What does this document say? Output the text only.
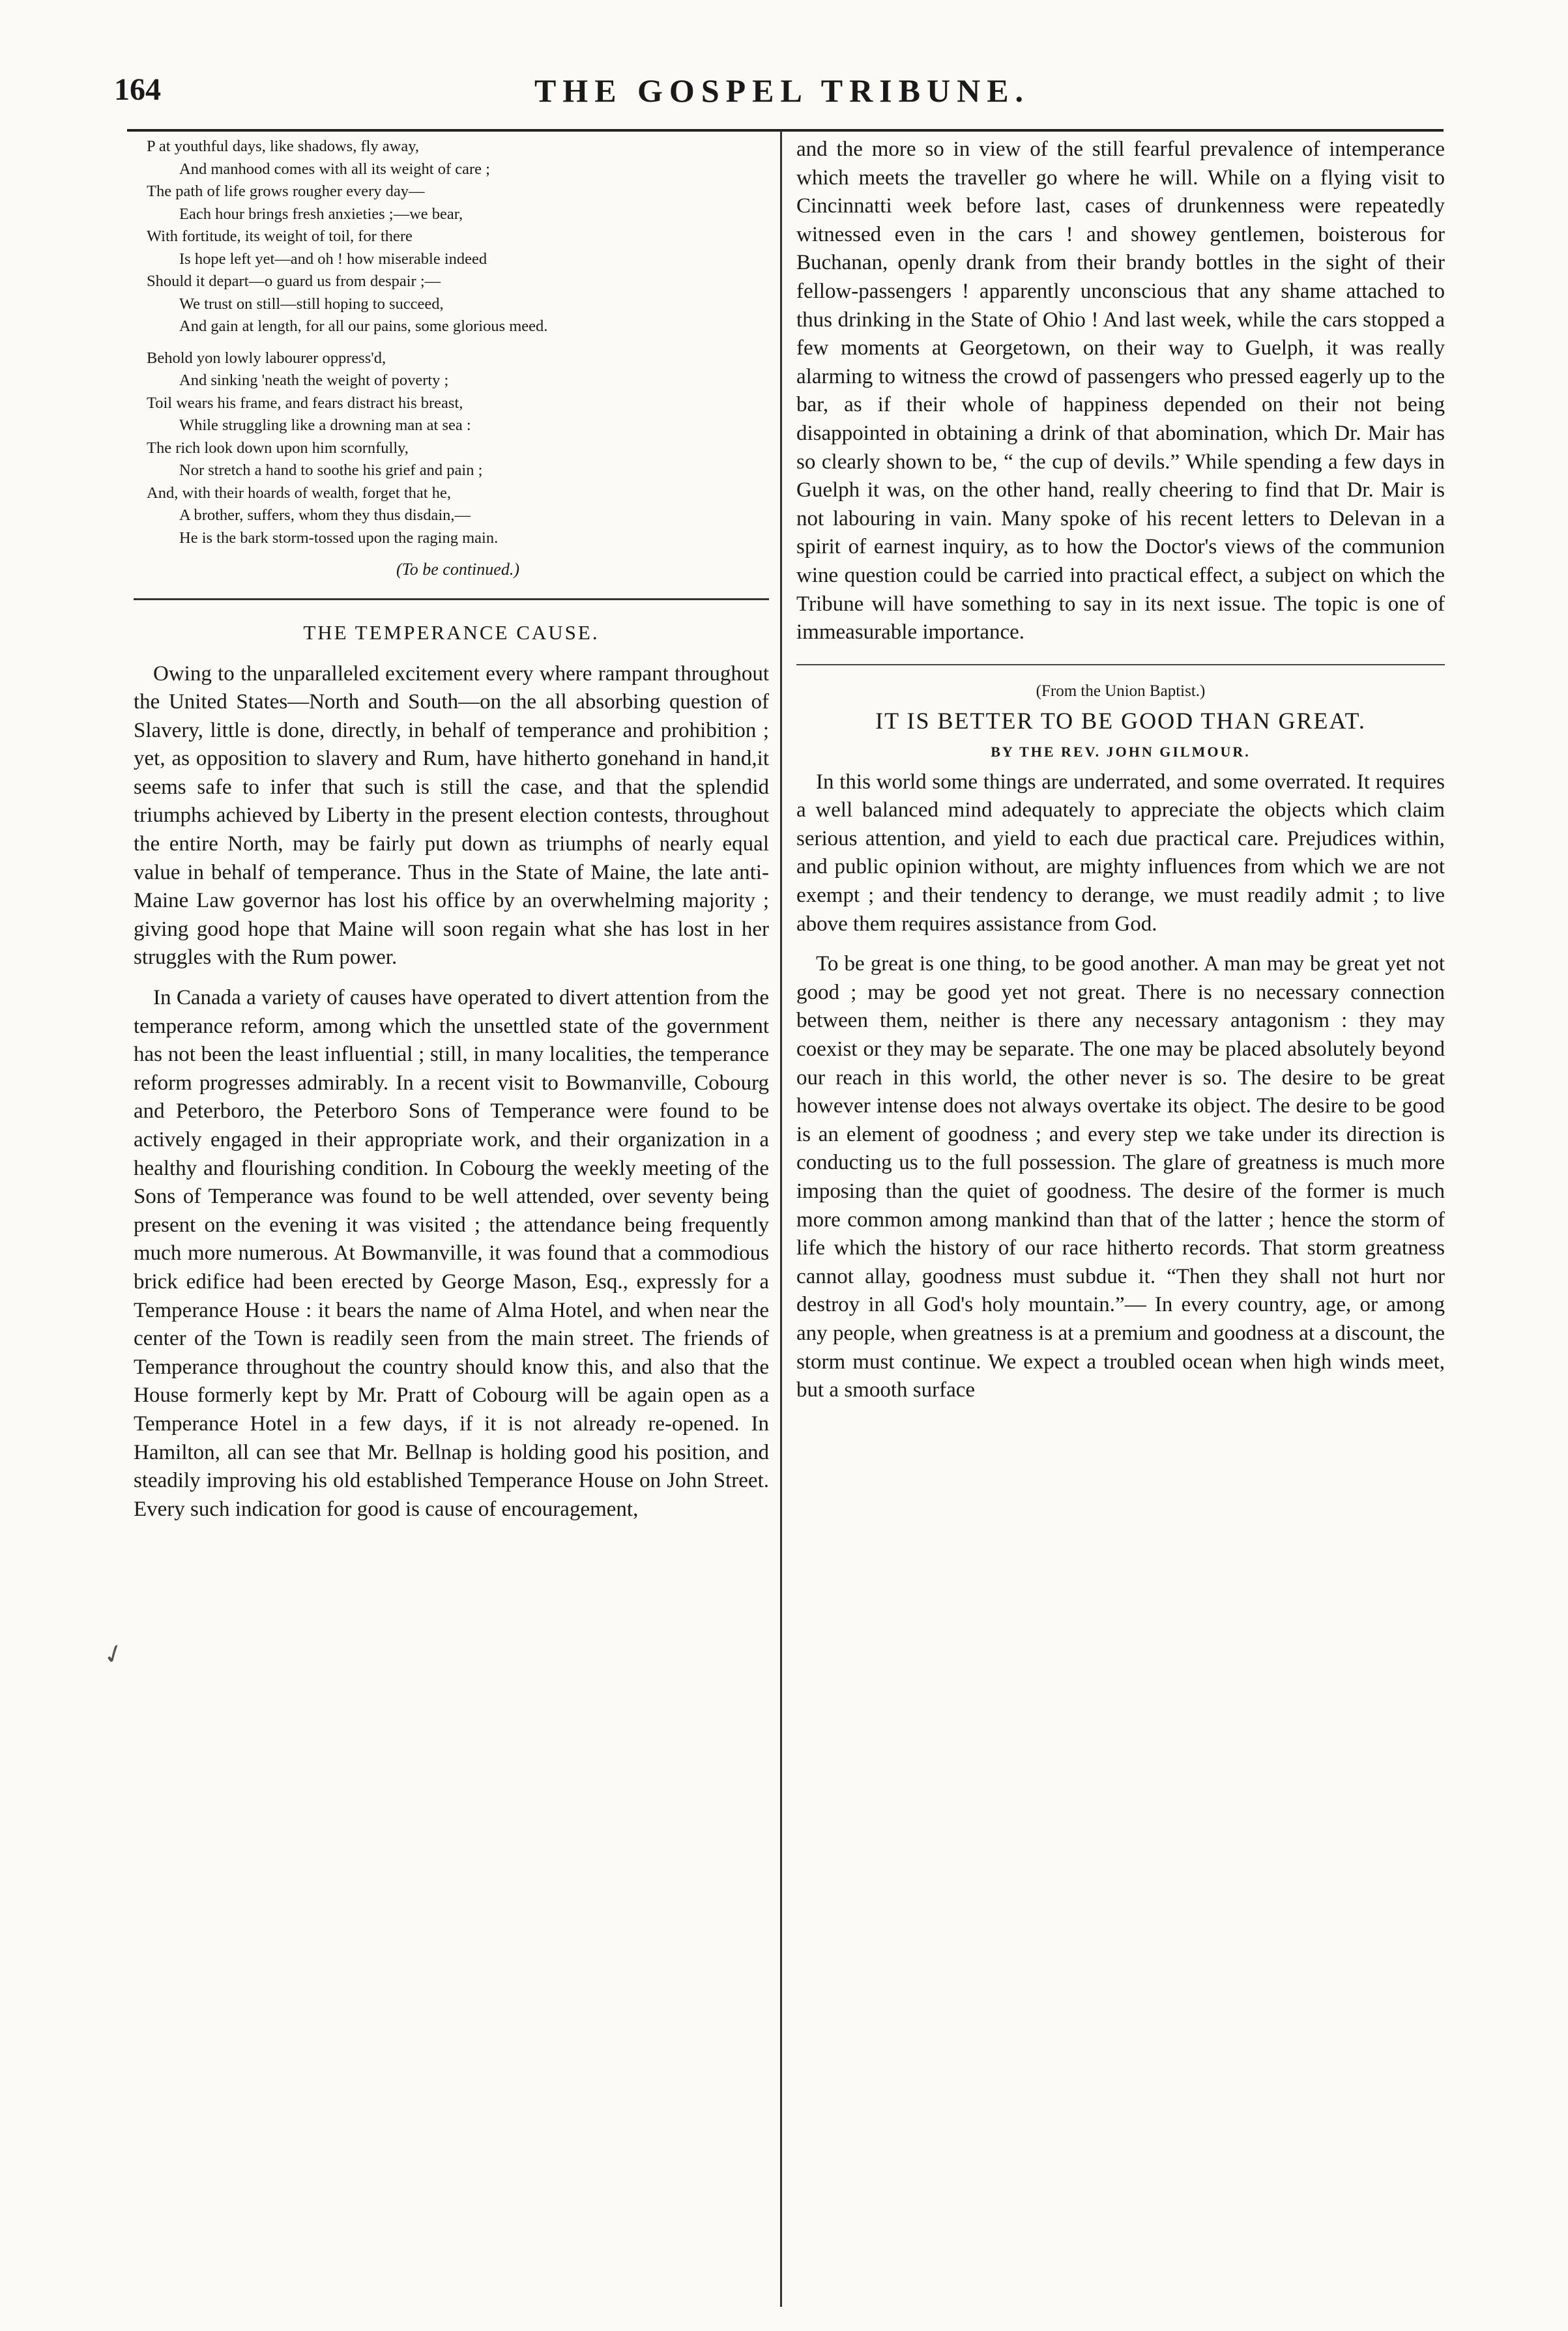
164	THE GOSPEL TRIBUNE.
✓
P at youthful days, like shadows, fly away,
And manhood comes with all its weight of care ;
The path of life grows rougher every day—
Each hour brings fresh anxieties ;—we bear,
With fortitude, its weight of toil, for there
Is hope left yet—and oh ! how miserable indeed
Should it depart—o guard us from despair ;—
We trust on still—still hoping to succeed,
And gain at length, for all our pains, some glorious meed.
Behold yon lowly labourer oppress'd,
And sinking 'neath the weight of poverty ;
Toil wears his frame, and fears distract his breast,
While struggling like a drowning man at sea :
The rich look down upon him scornfully,
Nor stretch a hand to soothe his grief and pain ;
And, with their hoards of wealth, forget that he,
A brother, suffers, whom they thus disdain,—
He is the bark storm-tossed upon the raging main.
(To be continued.)
THE TEMPERANCE CAUSE.

Owing to the unparalleled excitement every where rampant throughout the United States—North and South—on the all absorbing question of Slavery, little is done, directly, in behalf of temperance and prohibition ; yet, as opposition to slavery and Rum, have hitherto gonehand in hand,it seems safe to infer that such is still the case, and that the splendid triumphs achieved by Liberty in the present election contests, throughout the entire North, may be fairly put down as triumphs of nearly equal value in behalf of temperance. Thus in the State of Maine, the late anti-Maine Law governor has lost his office by an overwhelming majority ; giving good hope that Maine will soon regain what she has lost in her struggles with the Rum power.

In Canada a variety of causes have operated to divert attention from the temperance reform, among which the unsettled state of the government has not been the least influential ; still, in many localities, the temperance reform progresses admirably. In a recent visit to Bowmanville, Cobourg and Peterboro, the Peterboro Sons of Temperance were found to be actively engaged in their appropriate work, and their organization in a healthy and flourishing condition. In Cobourg the weekly meeting of the Sons of Temperance was found to be well attended, over seventy being present on the evening it was visited ; the attendance being frequently much more numerous. At Bowmanville, it was found that a commodious brick edifice had been erected by George Mason, Esq., expressly for a Temperance House : it bears the name of Alma Hotel, and when near the center of the Town is readily seen from the main street. The friends of Temperance throughout the country should know this, and also that the House formerly kept by Mr. Pratt of Cobourg will be again open as a Temperance Hotel in a few days, if it is not already re-opened. In Hamilton, all can see that Mr. Bellnap is holding good his position, and steadily improving his old established Temperance House on John Street. Every such indication for good is cause of encouragement,

and the more so in view of the still fearful prevalence of intemperance which meets the traveller go where he will. While on a flying visit to Cincinnatti week before last, cases of drunkenness were repeatedly witnessed even in the cars ! and showey gentlemen, boisterous for Buchanan, openly drank from their brandy bottles in the sight of their fellow-passengers ! apparently unconscious that any shame attached to thus drinking in the State of Ohio ! And last week, while the cars stopped a few moments at Georgetown, on their way to Guelph, it was really alarming to witness the crowd of passengers who pressed eagerly up to the bar, as if their whole of happiness depended on their not being disappointed in obtaining a drink of that abomination, which Dr. Mair has so clearly shown to be, “ the cup of devils.” While spending a few days in Guelph it was, on the other hand, really cheering to find that Dr. Mair is not labouring in vain. Many spoke of his recent letters to Delevan in a spirit of earnest inquiry, as to how the Doctor's views of the communion wine question could be carried into practical effect, a subject on which the Tribune will have something to say in its next issue. The topic is one of immeasurable importance.

(From the Union Baptist.)
IT IS BETTER TO BE GOOD THAN GREAT.
BY THE REV. JOHN GILMOUR.

In this world some things are underrated, and some overrated. It requires a well balanced mind adequately to appreciate the objects which claim serious attention, and yield to each due practical care. Prejudices within, and public opinion without, are mighty influences from which we are not exempt ; and their tendency to derange, we must readily admit ; to live above them requires assistance from God.

To be great is one thing, to be good another. A man may be great yet not good ; may be good yet not great. There is no necessary connection between them, neither is there any necessary antagonism : they may coexist or they may be separate. The one may be placed absolutely beyond our reach in this world, the other never is so. The desire to be great however intense does not always overtake its object. The desire to be good is an element of goodness ; and every step we take under its direction is conducting us to the full possession. The glare of greatness is much more imposing than the quiet of goodness. The desire of the former is much more common among mankind than that of the latter ; hence the storm of life which the history of our race hitherto records. That storm greatness cannot allay, goodness must subdue it. “Then they shall not hurt nor destroy in all God's holy mountain.”— In every country, age, or among any people, when greatness is at a premium and goodness at a discount, the storm must continue. We expect a troubled ocean when high winds meet, but a smooth surface
